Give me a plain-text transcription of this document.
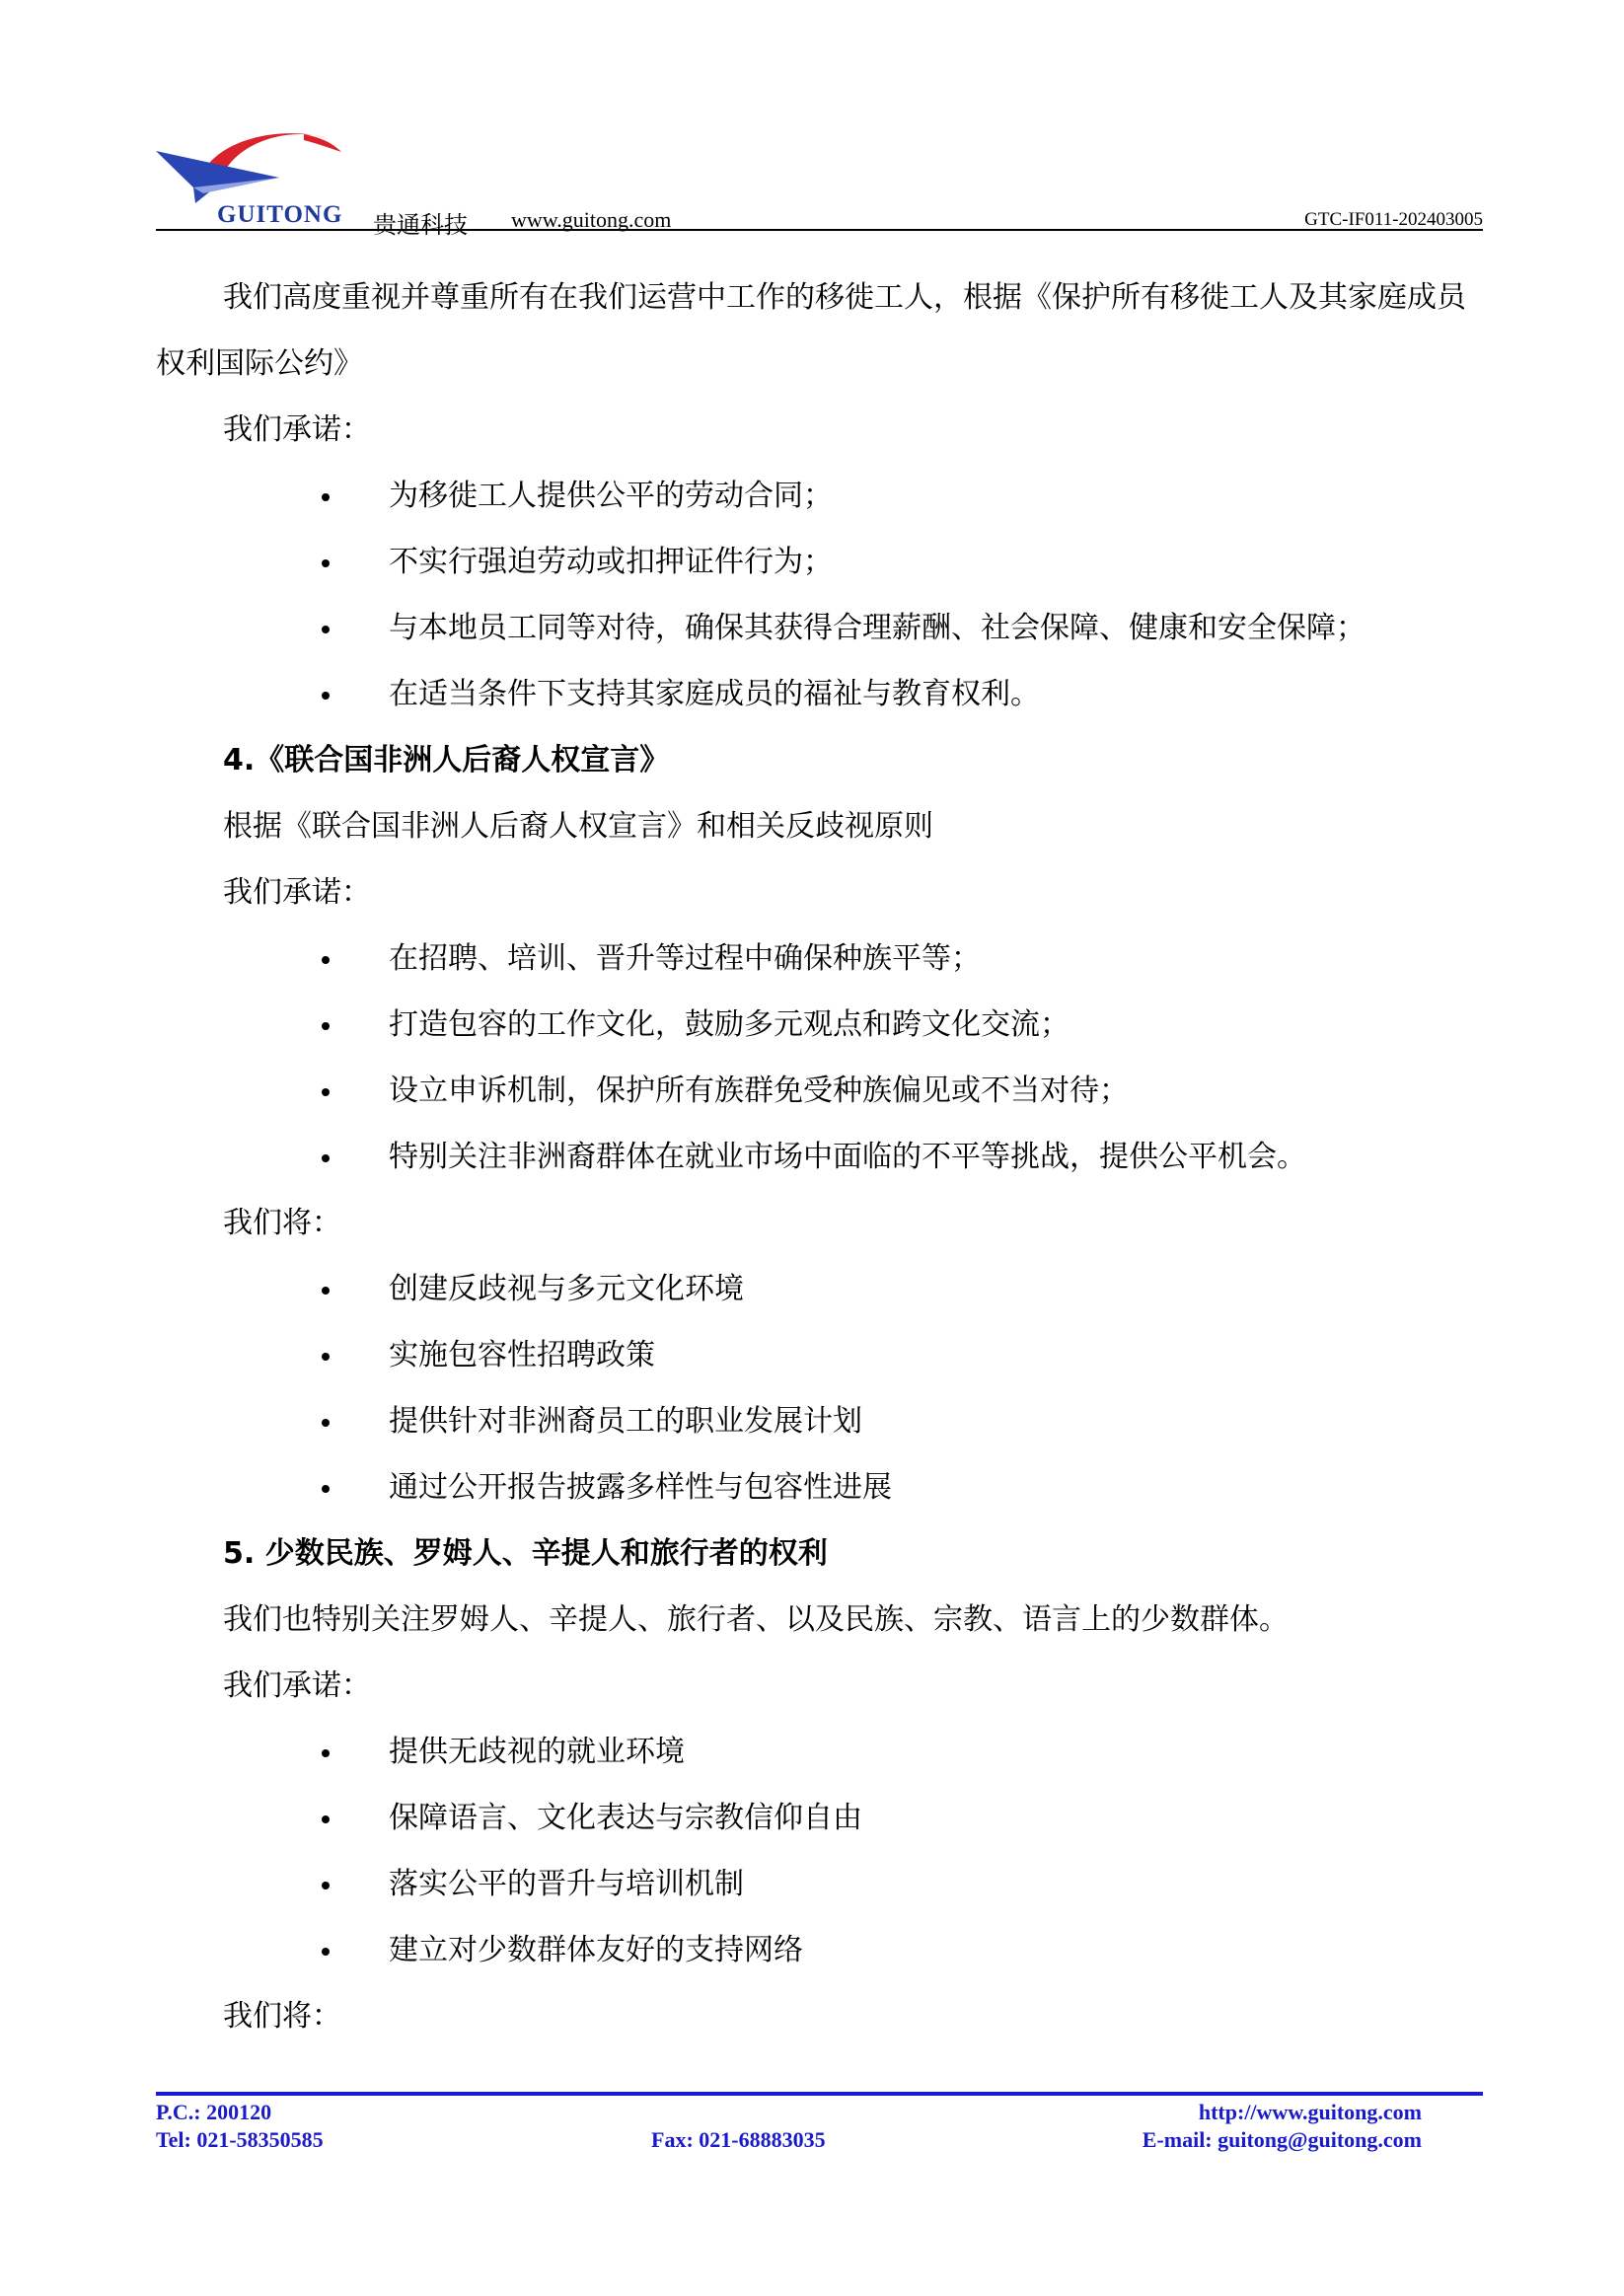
GUITONG 贵通科技 www.guitong.com	GTC-IF011-202403005

我们高度重视并尊重所有在我们运营中工作的移徙工人，根据《保护所有移徙工人及其家庭成员权利国际公约》

我们承诺：

为移徙工人提供公平的劳动合同；
不实行强迫劳动或扣押证件行为；
与本地员工同等对待，确保其获得合理薪酬、社会保障、健康和安全保障；
在适当条件下支持其家庭成员的福祉与教育权利。

4.《联合国非洲人后裔人权宣言》

根据《联合国非洲人后裔人权宣言》和相关反歧视原则

我们承诺：

在招聘、培训、晋升等过程中确保种族平等；
打造包容的工作文化，鼓励多元观点和跨文化交流；
设立申诉机制，保护所有族群免受种族偏见或不当对待；
特别关注非洲裔群体在就业市场中面临的不平等挑战，提供公平机会。

我们将：

创建反歧视与多元文化环境
实施包容性招聘政策
提供针对非洲裔员工的职业发展计划
通过公开报告披露多样性与包容性进展

5. 少数民族、罗姆人、辛提人和旅行者的权利

我们也特别关注罗姆人、辛提人、旅行者、以及民族、宗教、语言上的少数群体。

我们承诺：

提供无歧视的就业环境
保障语言、文化表达与宗教信仰自由
落实公平的晋升与培训机制
建立对少数群体友好的支持网络

我们将：

P.C.: 200120
Tel: 021-58350585	Fax: 021-68883035
http://www.guitong.com
E-mail: guitong@guitong.com
